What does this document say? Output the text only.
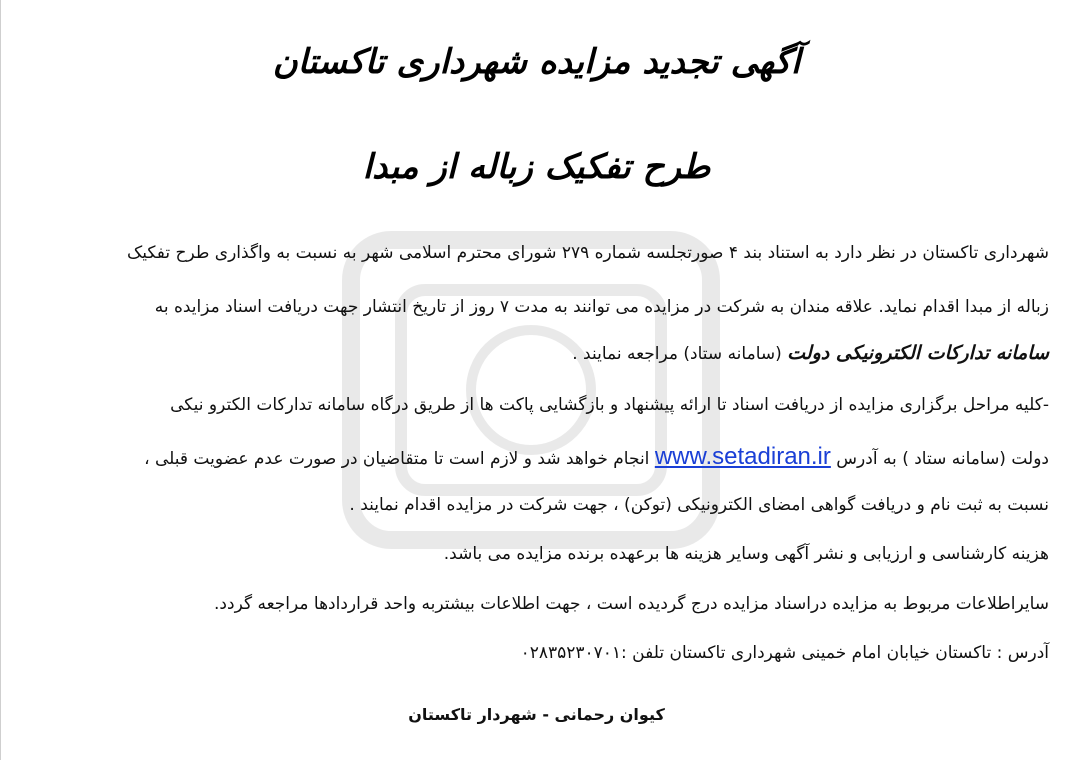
آگهی تجدید مزایده شهرداری تاکستان
طرح تفکیک زباله از مبدا
شهرداری تاکستان در نظر دارد به استناد بند ۴ صورتجلسه شماره ۲۷۹ شورای محترم اسلامی شهر به نسبت به واگذاری طرح تفکیک
زباله از مبدا اقدام نماید. علاقه مندان به شرکت در مزایده می توانند به مدت ۷ روز از تاریخ انتشار جهت دریافت اسناد مزایده به
سامانه تدارکات الکترونیکی دولت (سامانه ستاد) مراجعه نمایند .
-کلیه مراحل برگزاری مزایده از دریافت اسناد تا ارائه پیشنهاد و بازگشایی پاکت ها از طریق درگاه سامانه تدارکات الکترو نیکی
دولت (سامانه ستاد ) به آدرس www.setadiran.ir انجام خواهد شد و لازم است تا متقاضیان در صورت عدم عضویت قبلی ،
نسبت به ثبت نام و دریافت گواهی امضای الکترونیکی (توکن) ، جهت شرکت در مزایده اقدام نمایند .
هزینه کارشناسی و ارزیابی و نشر آگهی وسایر هزینه ها برعهده برنده مزایده می باشد.
سایراطلاعات مربوط به مزایده دراسناد مزایده درج گردیده است ، جهت اطلاعات بیشتربه واحد قراردادها مراجعه گردد.
آدرس : تاکستان خیابان امام خمینی شهرداری تاکستان تلفن :۰۲۸۳۵۲۳۰۷۰۱
کیوان رحمانی - شهردار تاکستان
